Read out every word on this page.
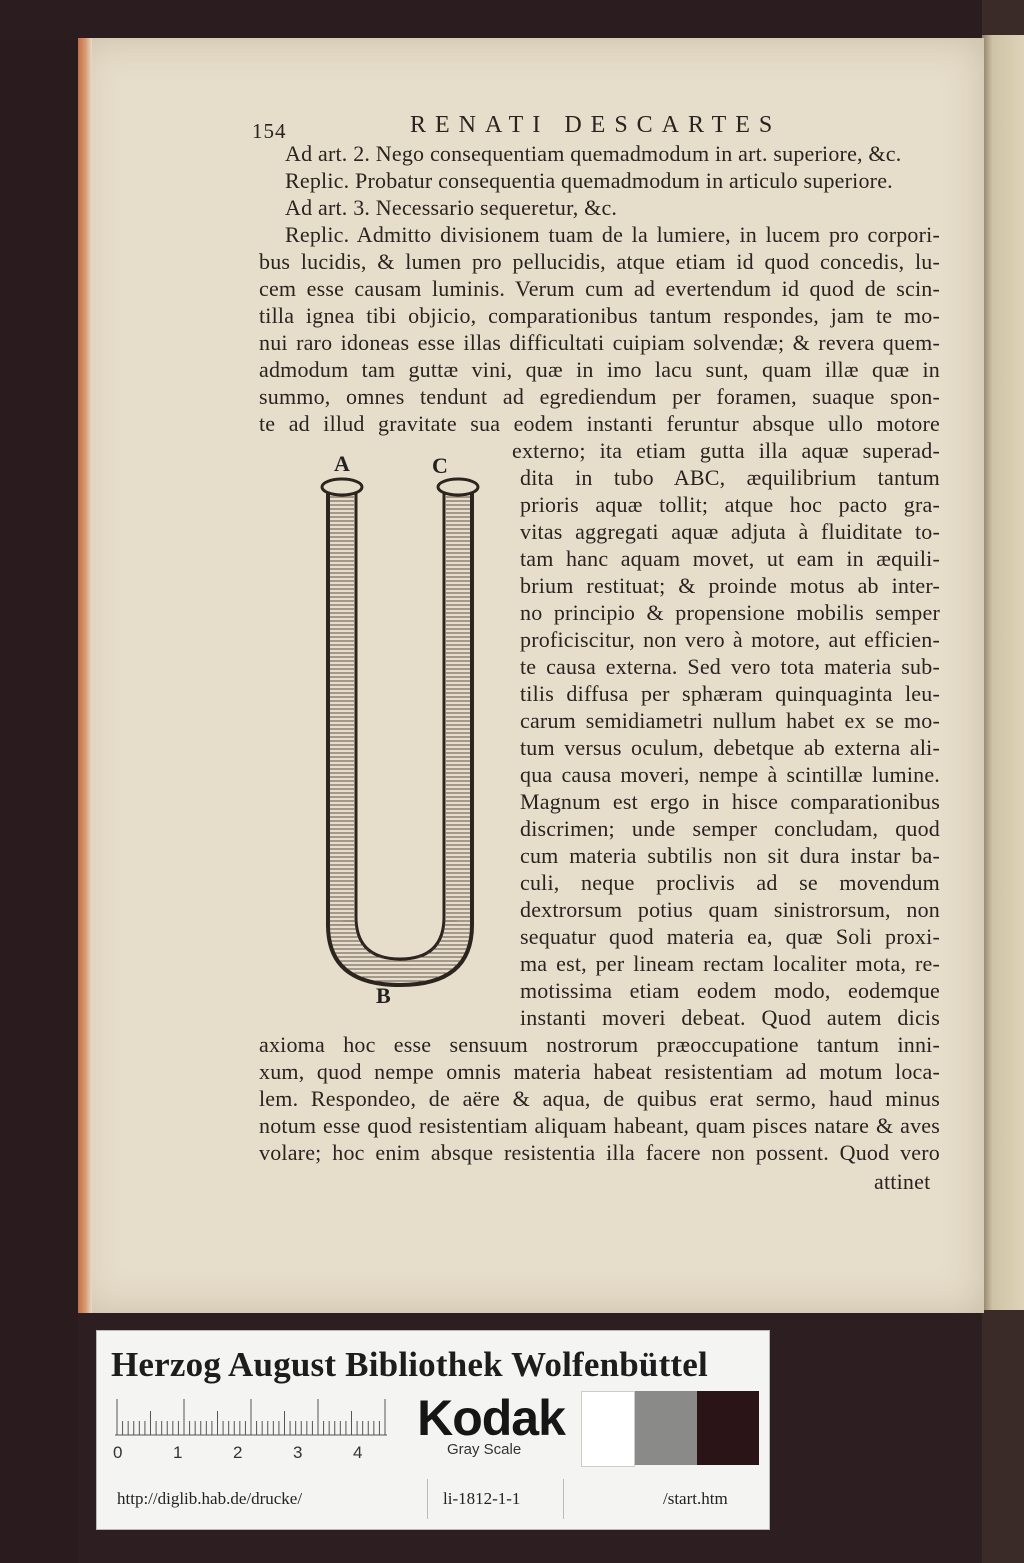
154	RENATI DESCARTES

Ad art. 2. Nego consequentiam quemadmodum in art. superiore, &c.

Replic. Probatur consequentia quemadmodum in articulo superiore.

Ad art. 3. Necessario sequeretur, &c.

Replic. Admitto divisionem tuam de la lumiere, in lucem pro corpori-

bus lucidis, & lumen pro pellucidis, atque etiam id quod concedis, lu-

cem esse causam luminis. Verum cum ad evertendum id quod de scin-

tilla ignea tibi objicio, comparationibus tantum respondes, jam te mo-

nui raro idoneas esse illas difficultati cuipiam solvendæ; & revera quem-

admodum tam guttæ vini, quæ in imo lacu sunt, quam illæ quæ in

summo, omnes tendunt ad egrediendum per foramen, suaque spon-

te ad illud gravitate sua eodem instanti feruntur absque ullo motore

A	C

B

externo; ita etiam gutta illa aquæ superad-

dita in tubo ABC, æquilibrium tantum

prioris aquæ tollit; atque hoc pacto gra-

vitas aggregati aquæ adjuta à fluiditate to-

tam hanc aquam movet, ut eam in æquili-

brium restituat; & proinde motus ab inter-

no principio & propensione mobilis semper

proficiscitur, non vero à motore, aut efficien-

te causa externa. Sed vero tota materia sub-

tilis diffusa per sphæram quinquaginta leu-

carum semidiametri nullum habet ex se mo-

tum versus oculum, debetque ab externa ali-

qua causa moveri, nempe à scintillæ lumine.

Magnum est ergo in hisce comparationibus

discrimen; unde semper concludam, quod

cum materia subtilis non sit dura instar ba-

culi, neque proclivis ad se movendum

dextrorsum potius quam sinistrorsum, non

sequatur quod materia ea, quæ Soli proxi-

ma est, per lineam rectam localiter mota, re-

motissima etiam eodem modo, eodemque

instanti moveri debeat. Quod autem dicis

axioma hoc esse sensuum nostrorum præoccupatione tantum inni-

xum, quod nempe omnis materia habeat resistentiam ad motum loca-

lem. Respondeo, de aëre & aqua, de quibus erat sermo, haud minus

notum esse quod resistentiam aliquam habeant, quam pisces natare & aves

volare; hoc enim absque resistentia illa facere non possent. Quod vero

attinet

Herzog August Bibliothek Wolfenbüttel

0	1	2	3	4

Kodak

Gray Scale

http://diglib.hab.de/drucke/	li-1812-1-1	/start.htm
